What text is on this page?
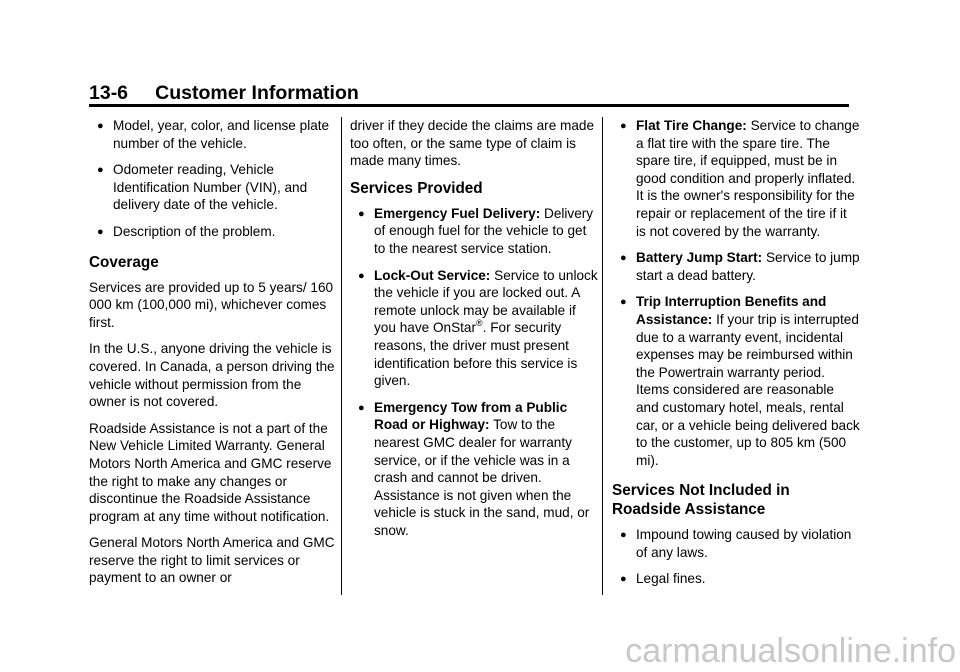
13-6     Customer Information
● Model, year, color, and license plate number of the vehicle.
● Odometer reading, Vehicle Identification Number (VIN), and delivery date of the vehicle.
● Description of the problem.
Coverage

Services are provided up to 5 years/ 160 000 km (100,000 mi), whichever comes first.

In the U.S., anyone driving the vehicle is covered. In Canada, a person driving the vehicle without permission from the owner is not covered.

Roadside Assistance is not a part of the New Vehicle Limited Warranty. General Motors North America and GMC reserve the right to make any changes or discontinue the Roadside Assistance program at any time without notification.

General Motors North America and GMC reserve the right to limit services or payment to an owner or

driver if they decide the claims are made too often, or the same type of claim is made many times.

Services Provided
● Emergency Fuel Delivery: Delivery of enough fuel for the vehicle to get to the nearest service station.
● Lock-Out Service: Service to unlock the vehicle if you are locked out. A remote unlock may be available if you have OnStar®. For security reasons, the driver must present identification before this service is given.
● Emergency Tow from a Public Road or Highway: Tow to the nearest GMC dealer for warranty service, or if the vehicle was in a crash and cannot be driven. Assistance is not given when the vehicle is stuck in the sand, mud, or snow.
● Flat Tire Change: Service to change a flat tire with the spare tire. The spare tire, if equipped, must be in good condition and properly inflated. It is the owner's responsibility for the repair or replacement of the tire if it is not covered by the warranty.
● Battery Jump Start: Service to jump start a dead battery.
● Trip Interruption Benefits and Assistance: If your trip is interrupted due to a warranty event, incidental expenses may be reimbursed within the Powertrain warranty period. Items considered are reasonable and customary hotel, meals, rental car, or a vehicle being delivered back to the customer, up to 805 km (500 mi).
Services Not Included in Roadside Assistance
● Impound towing caused by violation of any laws.
● Legal fines.
carmanualsonline.info
